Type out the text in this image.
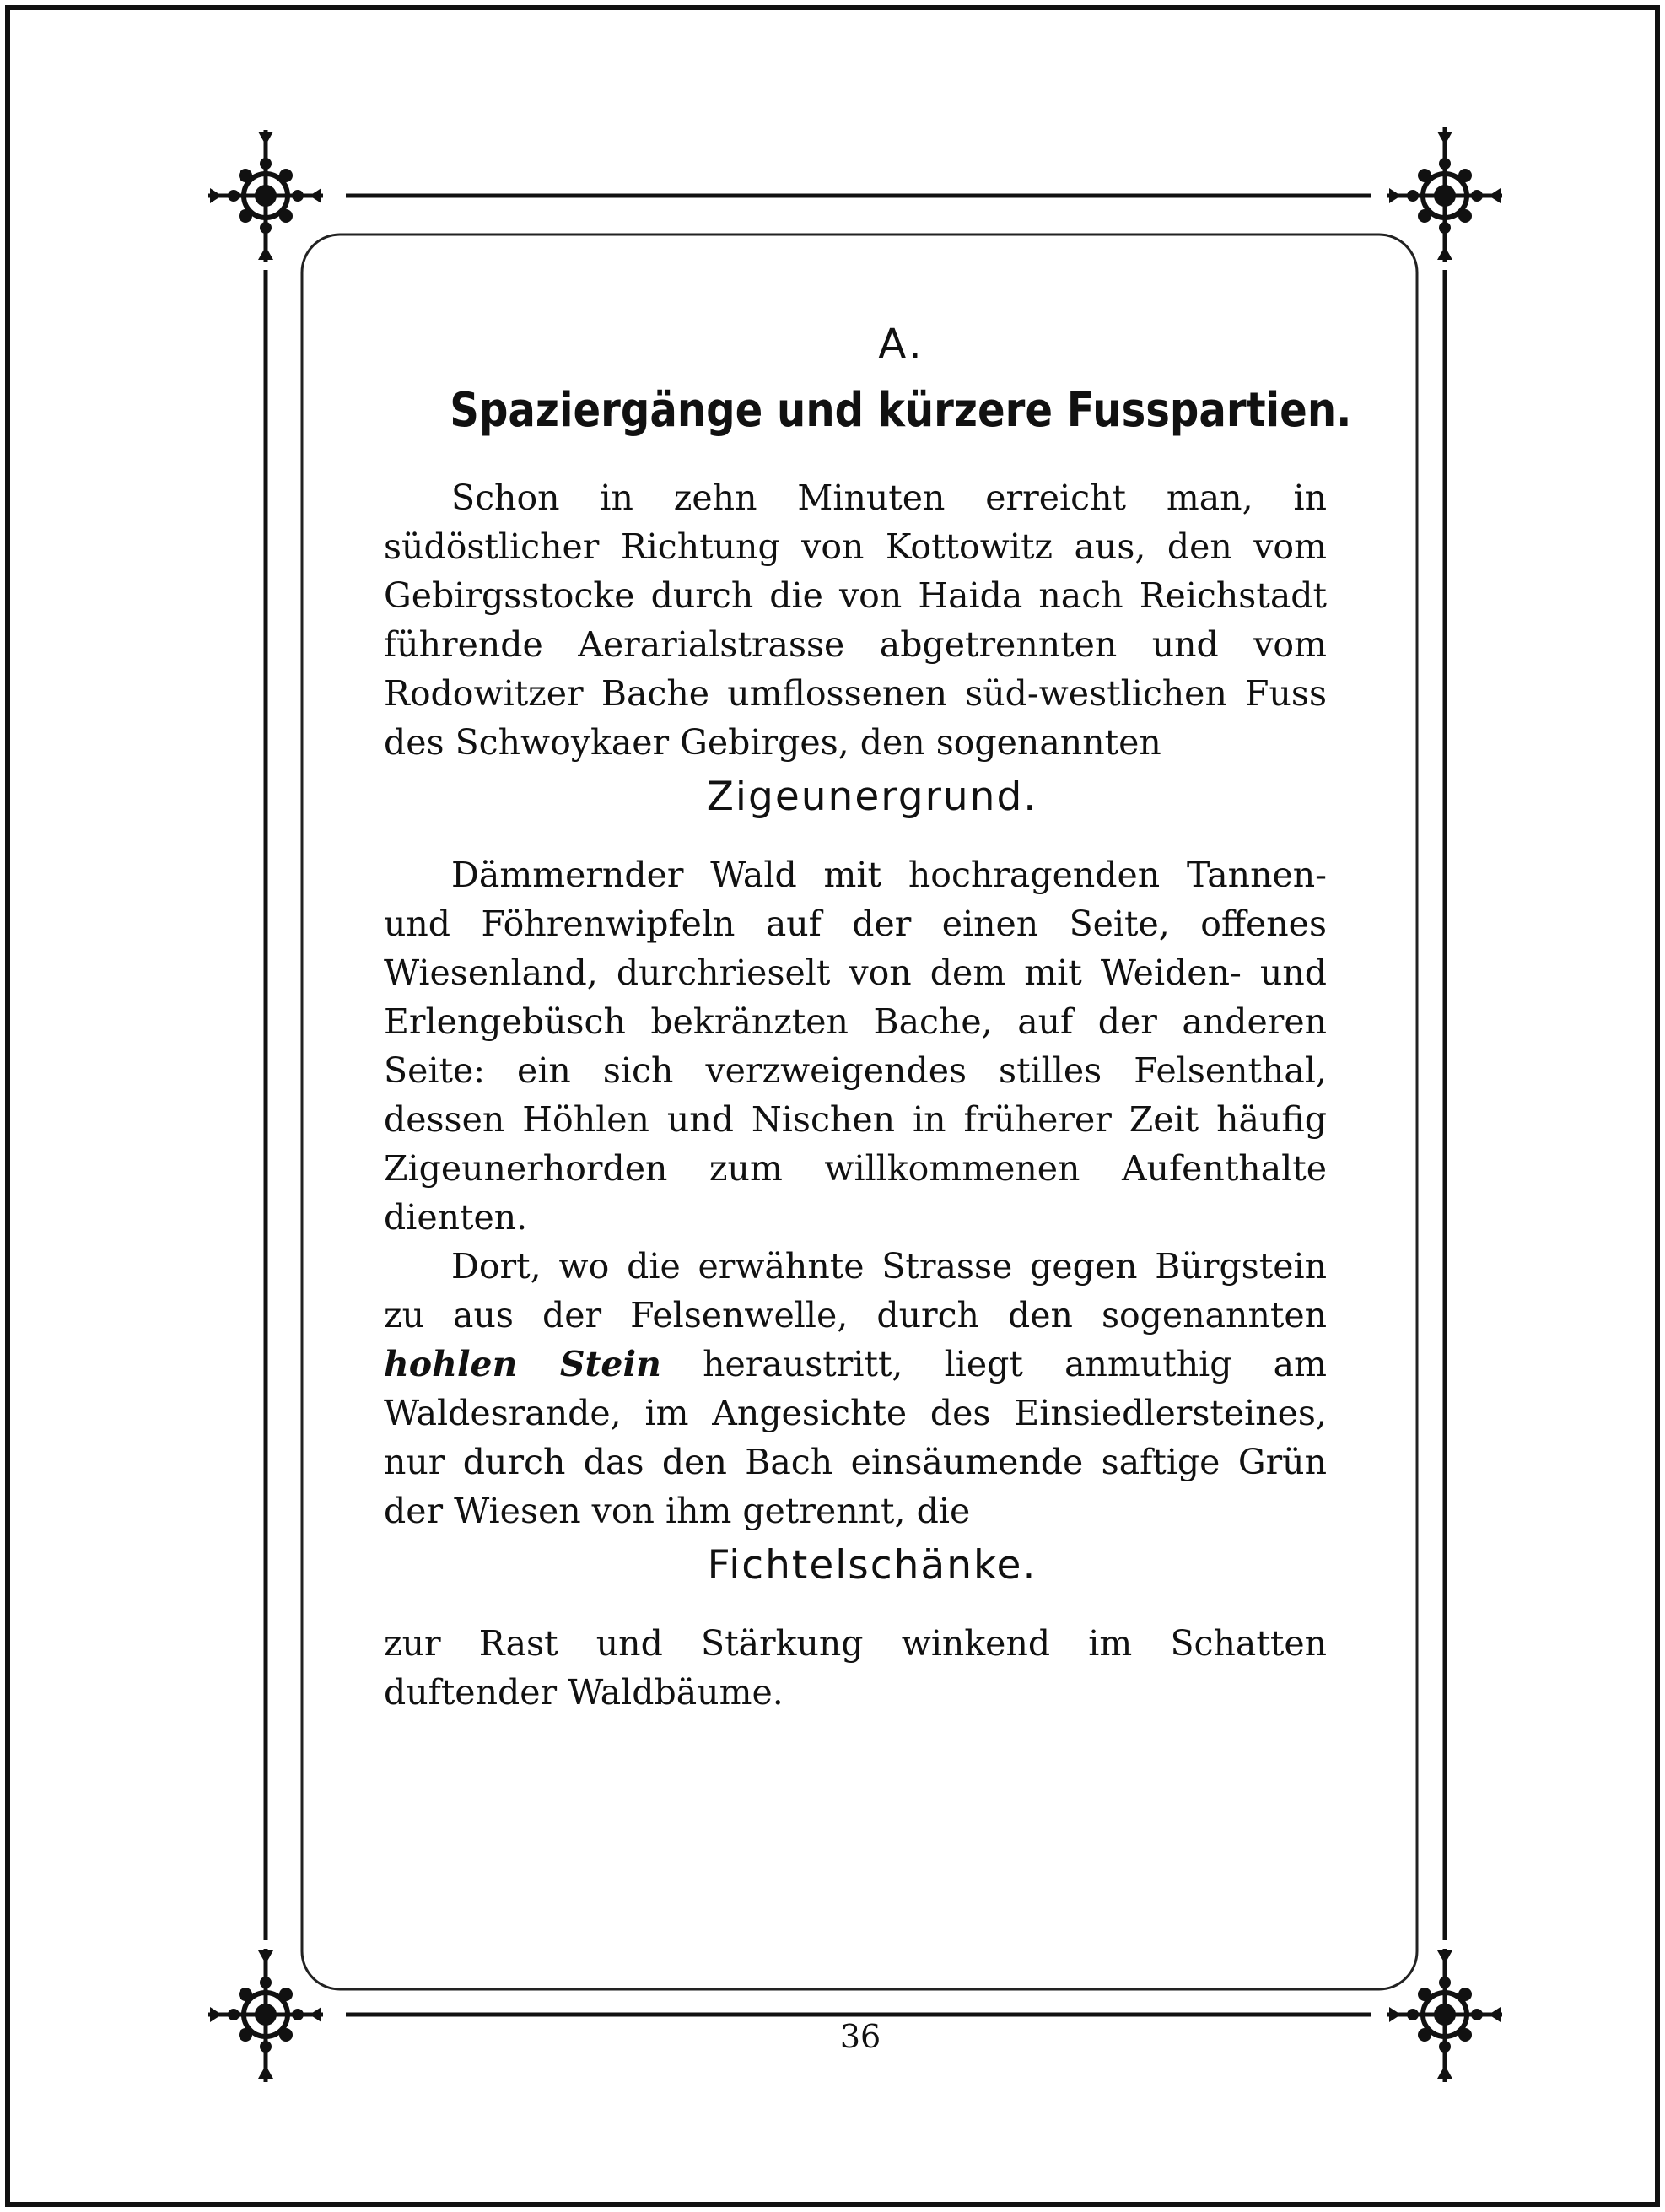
A.
Spaziergänge und kürzere Fusspartien.

Schon in zehn Minuten erreicht man, in südöstlicher Richtung von Kottowitz aus, den vom Gebirgsstocke durch die von Haida nach Reichstadt führende Aerarialstrasse abgetrennten und vom Rodowitzer Bache umflossenen süd-westlichen Fuss des Schwoykaer Gebirges, den sogenannten

Zigeunergrund.

Dämmernder Wald mit hochragenden Tannen- und Föhrenwipfeln auf der einen Seite, offenes Wiesenland, durchrieselt von dem mit Weiden- und Erlengebüsch bekränzten Bache, auf der anderen Seite: ein sich verzweigendes stilles Felsenthal, dessen Höhlen und Nischen in früherer Zeit häufig Zigeunerhorden zum willkommenen Aufenthalte dienten.

Dort, wo die erwähnte Strasse gegen Bürgstein zu aus der Felsenwelle, durch den sogenannten hohlen Stein heraustritt, liegt anmuthig am Waldesrande, im Angesichte des Einsiedlersteines, nur durch das den Bach einsäumende saftige Grün der Wiesen von ihm getrennt, die

Fichtelschänke.

zur Rast und Stärkung winkend im Schatten duftender Waldbäume.

36
